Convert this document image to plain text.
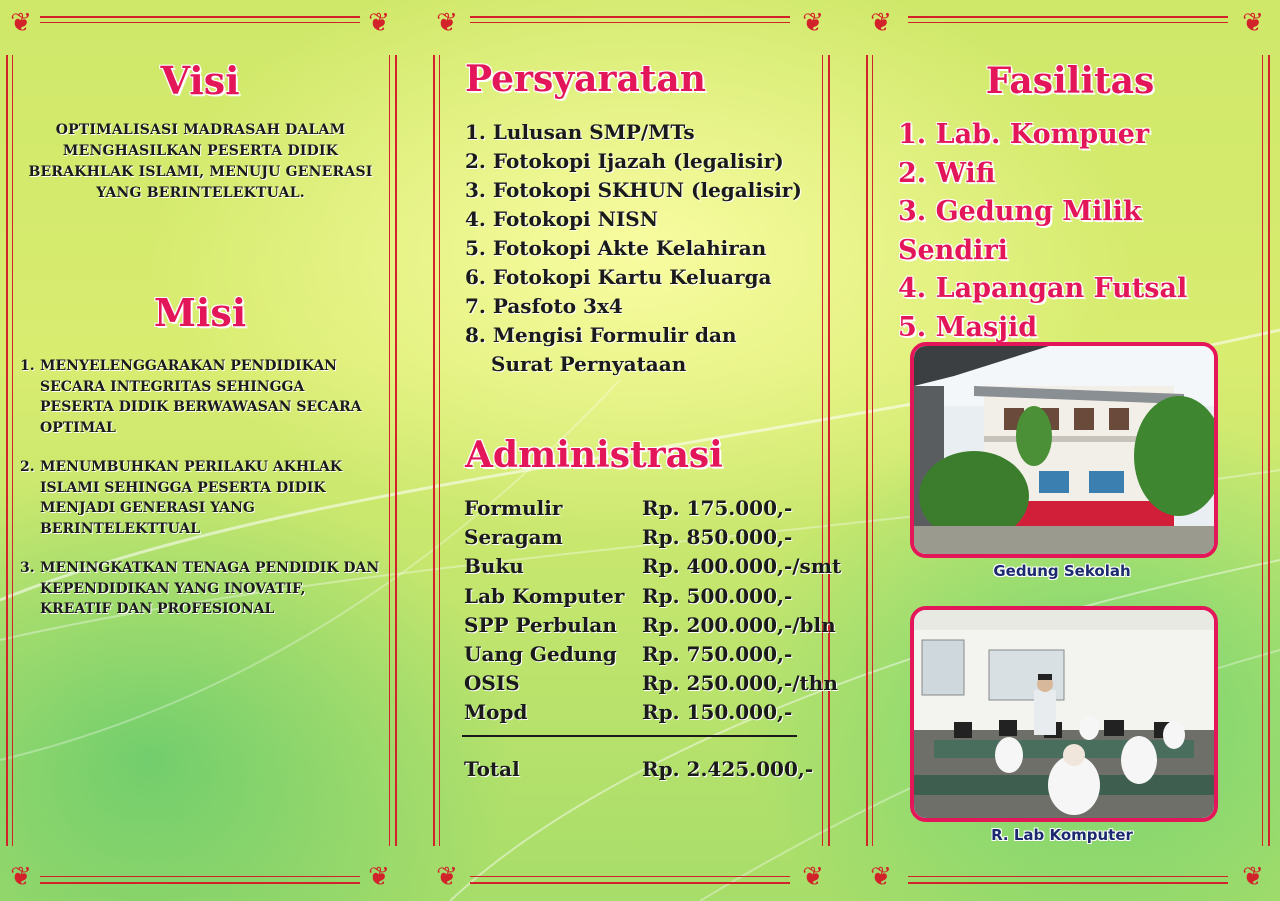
❦	❦
❦	❦
❦	❦
❦	❦
❦	❦
❦	❦
Visi
OPTIMALISASI MADRASAH DALAM MENGHASILKAN PESERTA DIDIK BERAKHLAK ISLAMI, MENUJU GENERASI YANG BERINTELEKTUAL.
Misi
1. MENYELENGGARAKAN PENDIDIKAN SECARA INTEGRITAS SEHINGGA PESERTA DIDIK BERWAWASAN SECARA OPTIMAL
2. MENUMBUHKAN PERILAKU AKHLAK ISLAMI SEHINGGA PESERTA DIDIK MENJADI GENERASI YANG BERINTELEKTTUAL
3. MENINGKATKAN TENAGA PENDIDIK DAN KEPENDIDIKAN YANG INOVATIF, KREATIF DAN PROFESIONAL
Persyaratan
1. Lulusan SMP/MTs
2. Fotokopi Ijazah (legalisir)
3. Fotokopi SKHUN (legalisir)
4. Fotokopi NISN
5. Fotokopi Akte Kelahiran
6. Fotokopi Kartu Keluarga
7. Pasfoto 3x4
8. Mengisi Formulir dan
Surat Pernyataan
Administrasi
Formulir	Rp. 175.000,-
Seragam	Rp. 850.000,-
Buku	Rp. 400.000,-/smt
Lab Komputer	Rp. 500.000,-
SPP Perbulan	Rp. 200.000,-/bln
Uang Gedung	Rp. 750.000,-
OSIS	Rp. 250.000,-/thn
Mopd	Rp. 150.000,-
Total	Rp. 2.425.000,-
Fasilitas
1. Lab. Kompuer
2. Wifi
3. Gedung Milik Sendiri
4. Lapangan Futsal
5. Masjid
Gedung Sekolah
R. Lab Komputer
